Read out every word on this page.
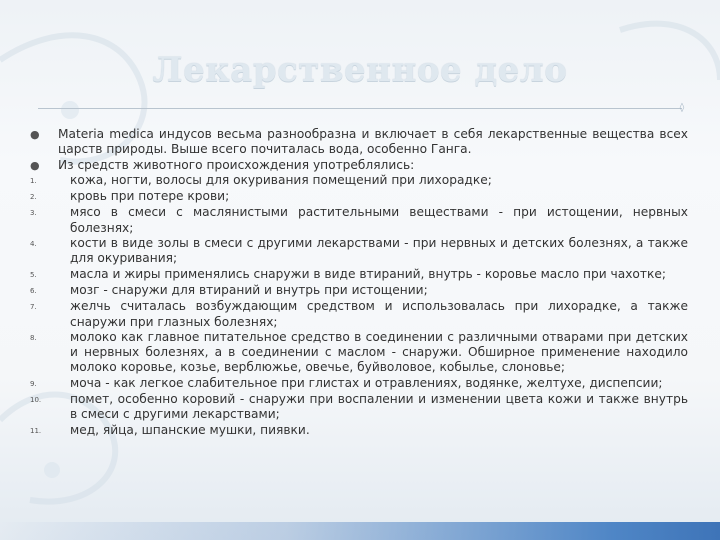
Лекарственное дело
◊
●	Materia medica индусов весьма разнообразна и включает в себя лекарственные вещества всех царств природы. Выше всего почиталась вода, особенно Ганга.
●	Из средств животного происхождения употреблялись:
1.	кожа, ногти, волосы для окуривания помещений при лихорадке;
2.	кровь при потере крови;
3.	мясо в смеси с маслянистыми растительными веществами - при истощении, нервных болезнях;
4.	кости в виде золы в смеси с другими лекарствами - при нервных и детских болезнях, а также для окуривания;
5.	масла и жиры применялись снаружи в виде втираний, внутрь - коровье масло при чахотке;
6.	мозг - снаружи для втираний и внутрь при истощении;
7.	желчь считалась возбуждающим средством и использовалась при лихорадке, а также снаружи при глазных болезнях;
8.	молоко как главное питательное средство в соединении с различными отварами при детских и нервных болезнях, а в соединении с маслом - снаружи. Обширное применение находило молоко коровье, козье, верблюжье, овечье, буйволовое, кобылье, слоновье;
9.	моча - как легкое слабительное при глистах и отравлениях, водянке, желтухе, диспепсии;
10.	помет, особенно коровий - снаружи при воспалении и изменении цвета кожи и также внутрь в смеси с другими лекарствами;
11.	мед, яйца, шпанские мушки, пиявки.
